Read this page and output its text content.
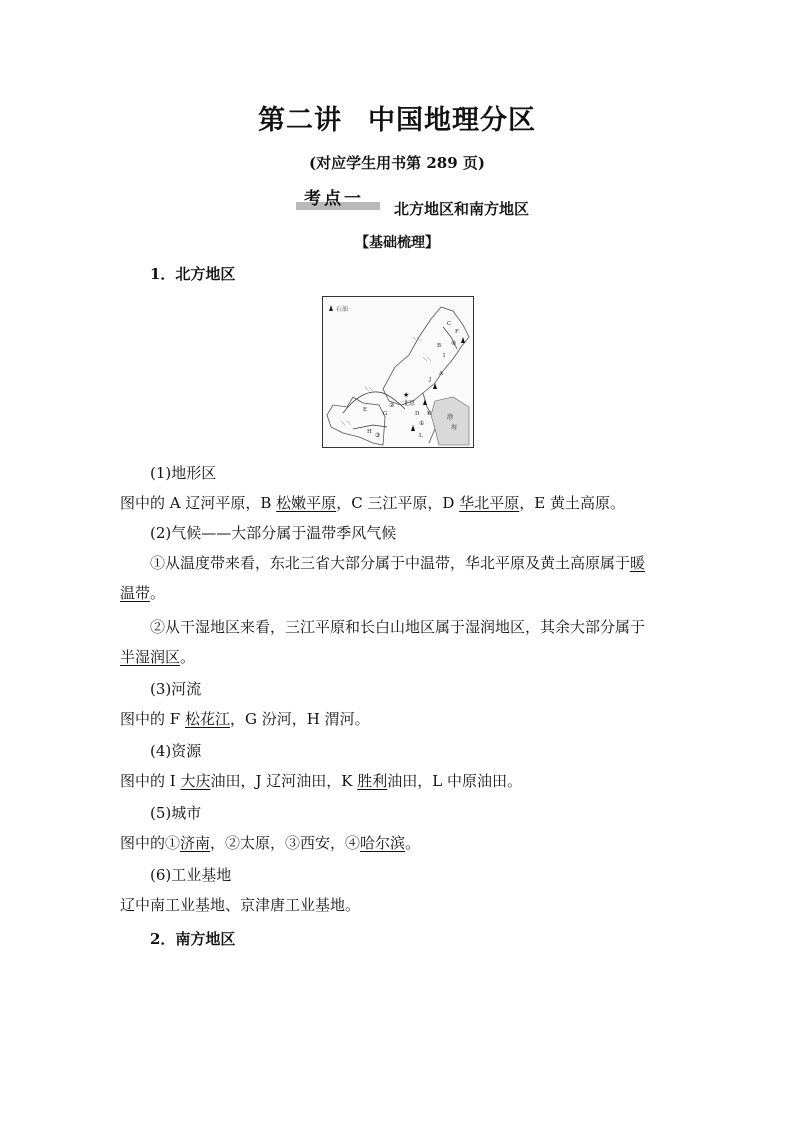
第二讲 中国地理分区
(对应学生用书第 289 页)
考点一 北方地区和南方地区
【基础梳理】
1．北方地区
石油
渤
海
★
北京
F
C
B
I
A
J
D K
L
E
G
H
④
①
②
③
(1)地形区
图中的 A 辽河平原，B 松嫩平原，C 三江平原，D 华北平原，E 黄土高原。
(2)气候——大部分属于温带季风气候
①从温度带来看，东北三省大部分属于中温带，华北平原及黄土高原属于暖
温带。
②从干湿地区来看，三江平原和长白山地区属于湿润地区，其余大部分属于
半湿润区。
(3)河流
图中的 F 松花江，G 汾河，H 渭河。
(4)资源
图中的 I 大庆油田，J 辽河油田，K 胜利油田，L 中原油田。
(5)城市
图中的①济南，②太原，③西安，④哈尔滨。
(6)工业基地
辽中南工业基地、京津唐工业基地。
2．南方地区
